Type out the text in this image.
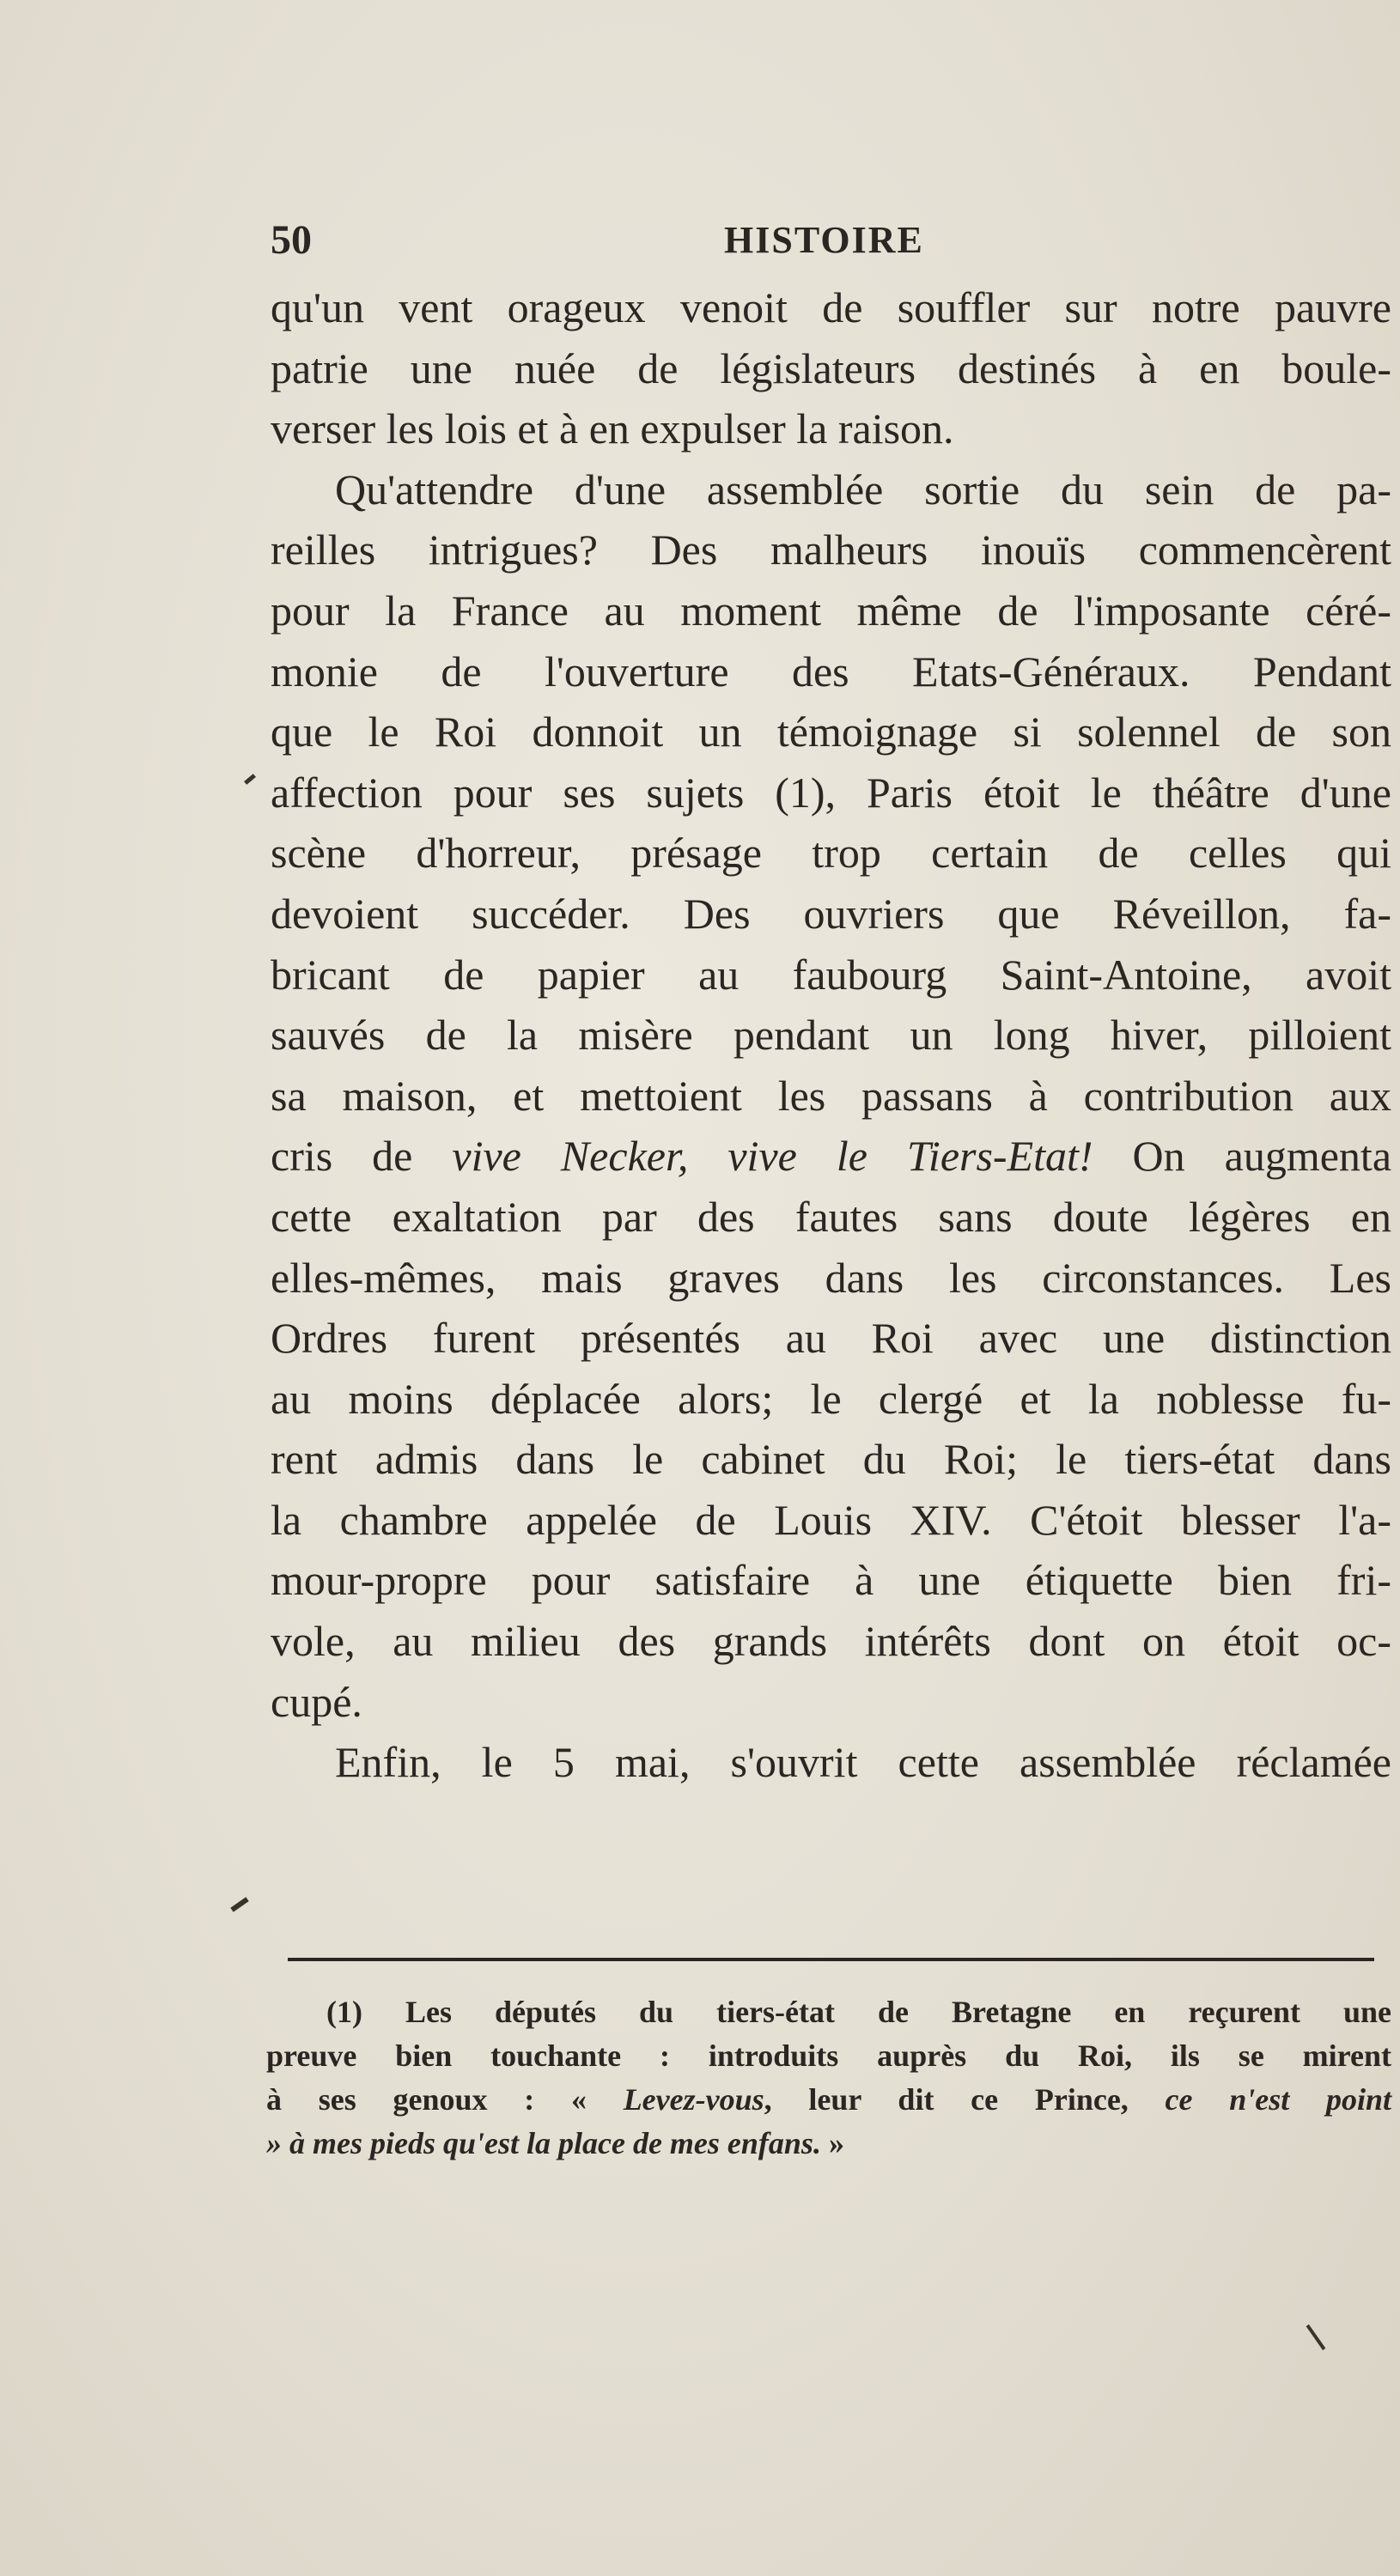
50	HISTOIRE
qu'un vent orageux venoit de souffler sur notre pauvre
patrie une nuée de législateurs destinés à en boule-
verser les lois et à en expulser la raison.
Qu'attendre d'une assemblée sortie du sein de pa-
reilles intrigues? Des malheurs inouïs commencèrent
pour la France au moment même de l'imposante céré-
monie de l'ouverture des Etats-Généraux. Pendant
que le Roi donnoit un témoignage si solennel de son
affection pour ses sujets (1), Paris étoit le théâtre d'une
scène d'horreur, présage trop certain de celles qui
devoient succéder. Des ouvriers que Réveillon, fa-
bricant de papier au faubourg Saint-Antoine, avoit
sauvés de la misère pendant un long hiver, pilloient
sa maison, et mettoient les passans à contribution aux
cris de vive Necker, vive le Tiers-Etat! On augmenta
cette exaltation par des fautes sans doute légères en
elles-mêmes, mais graves dans les circonstances. Les
Ordres furent présentés au Roi avec une distinction
au moins déplacée alors; le clergé et la noblesse fu-
rent admis dans le cabinet du Roi; le tiers-état dans
la chambre appelée de Louis XIV. C'étoit blesser l'a-
mour-propre pour satisfaire à une étiquette bien fri-
vole, au milieu des grands intérêts dont on étoit oc-
cupé.
Enfin, le 5 mai, s'ouvrit cette assemblée réclamée
(1) Les députés du tiers-état de Bretagne en reçurent une
preuve bien touchante : introduits auprès du Roi, ils se mirent
à ses genoux : « Levez-vous, leur dit ce Prince, ce n'est point
» à mes pieds qu'est la place de mes enfans. »
